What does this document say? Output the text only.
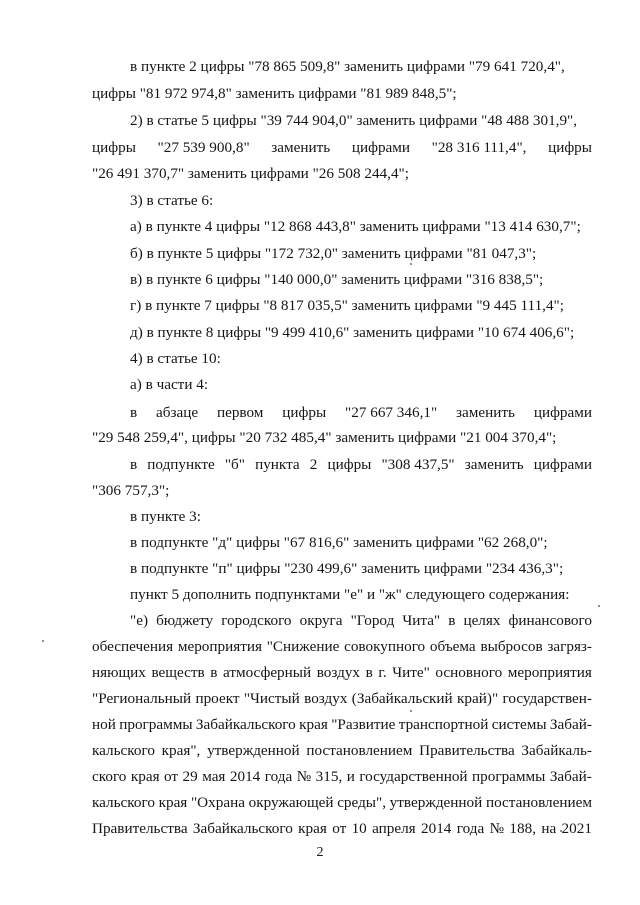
в пункте 2 цифры "78 865 509,8" заменить цифрами "79 641 720,4",

цифры "81 972 974,8" заменить цифрами "81 989 848,5";

2) в статье 5 цифры "39 744 904,0" заменить цифрами "48 488 301,9",

цифры "27 539 900,8" заменить цифрами "28 316 111,4", цифры

"26 491 370,7" заменить цифрами "26 508 244,4";

3) в статье 6:

а) в пункте 4 цифры "12 868 443,8" заменить цифрами "13 414 630,7";

б) в пункте 5 цифры "172 732,0" заменить цифрами "81 047,3";

в) в пункте 6 цифры "140 000,0" заменить цифрами "316 838,5";

г) в пункте 7 цифры "8 817 035,5" заменить цифрами "9 445 111,4";

д) в пункте 8 цифры "9 499 410,6" заменить цифрами "10 674 406,6";

4) в статье 10:

а) в части 4:

в абзаце первом цифры "27 667 346,1" заменить цифрами

"29 548 259,4", цифры "20 732 485,4" заменить цифрами "21 004 370,4";

в подпункте "б" пункта 2 цифры "308 437,5" заменить цифрами

"306 757,3";

в пункте 3:

в подпункте "д" цифры "67 816,6" заменить цифрами "62 268,0";

в подпункте "п" цифры "230 499,6" заменить цифрами "234 436,3";

пункт 5 дополнить подпунктами "е" и "ж" следующего содержания:

"е) бюджету городского округа "Город Чита" в целях финансового

обеспечения мероприятия "Снижение совокупного объема выбросов загряз-

няющих веществ в атмосферный воздух в г. Чите" основного мероприятия

"Региональный проект "Чистый воздух (Забайкальский край)" государствен-

ной программы Забайкальского края "Развитие транспортной системы Забай-

кальского края", утвержденной постановлением Правительства Забайкаль-

ского края от 29 мая 2014 года № 315, и государственной программы Забай-

кальского края "Охрана окружающей среды", утвержденной постановлением

Правительства Забайкальского края от 10 апреля 2014 года № 188, на 2021

2
